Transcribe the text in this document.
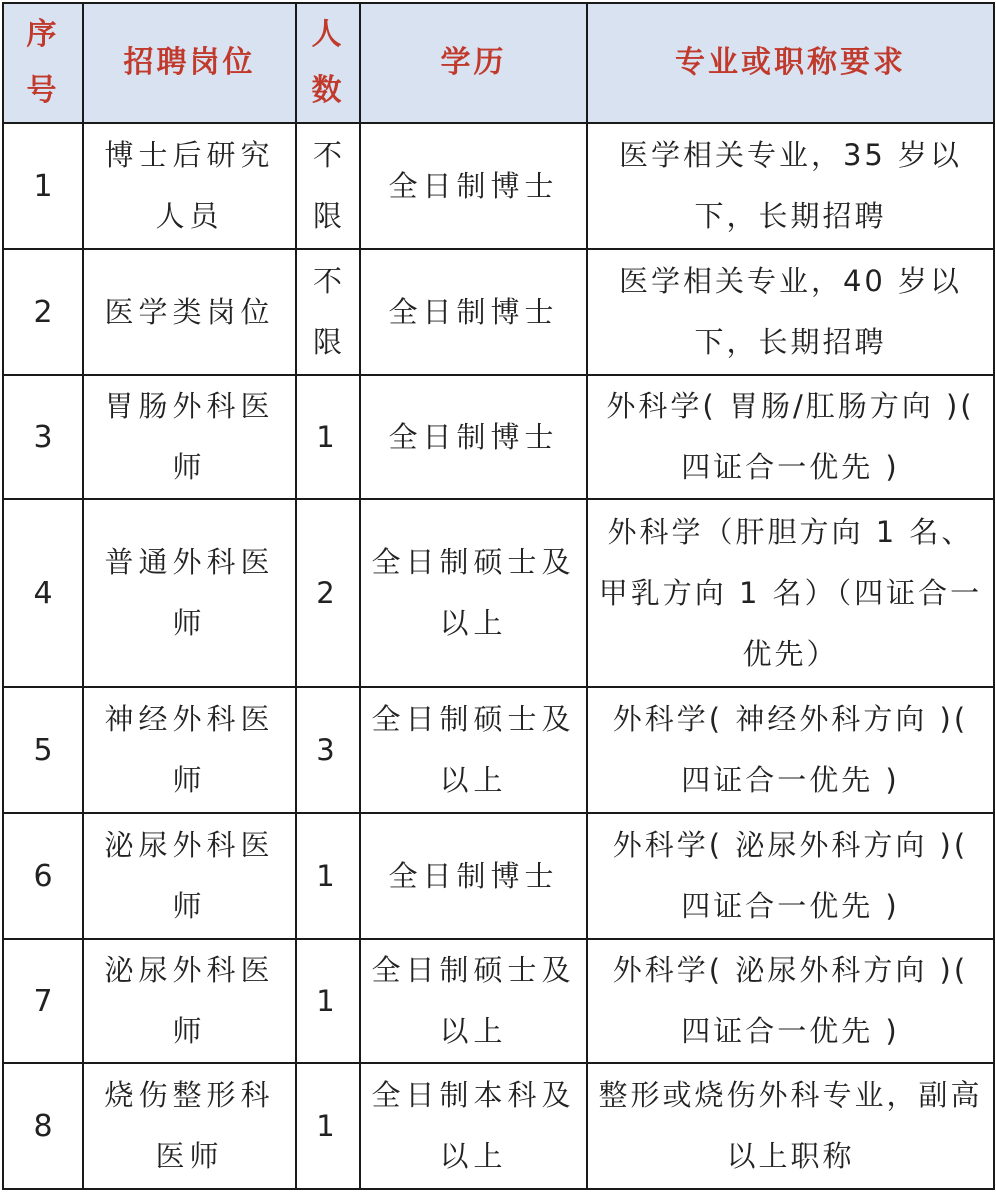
序号	招聘岗位	人数	学历	专业或职称要求
1	博士后研究人员	不限	全日制博士	医学相关专业，35 岁以下，长期招聘
2	医学类岗位	不限	全日制博士	医学相关专业，40 岁以下，长期招聘
3	胃肠外科医师	1	全日制博士	外科学( 胃肠/肛肠方向 )( 四证合一优先 )
4	普通外科医师	2	全日制硕士及以上	外科学（肝胆方向 1 名、甲乳方向 1 名）（四证合一优先）
5	神经外科医师	3	全日制硕士及以上	外科学( 神经外科方向 )( 四证合一优先 )
6	泌尿外科医师	1	全日制博士	外科学( 泌尿外科方向 )( 四证合一优先 )
7	泌尿外科医师	1	全日制硕士及以上	外科学( 泌尿外科方向 )( 四证合一优先 )
8	烧伤整形科医师	1	全日制本科及以上	整形或烧伤外科专业，副高以上职称
